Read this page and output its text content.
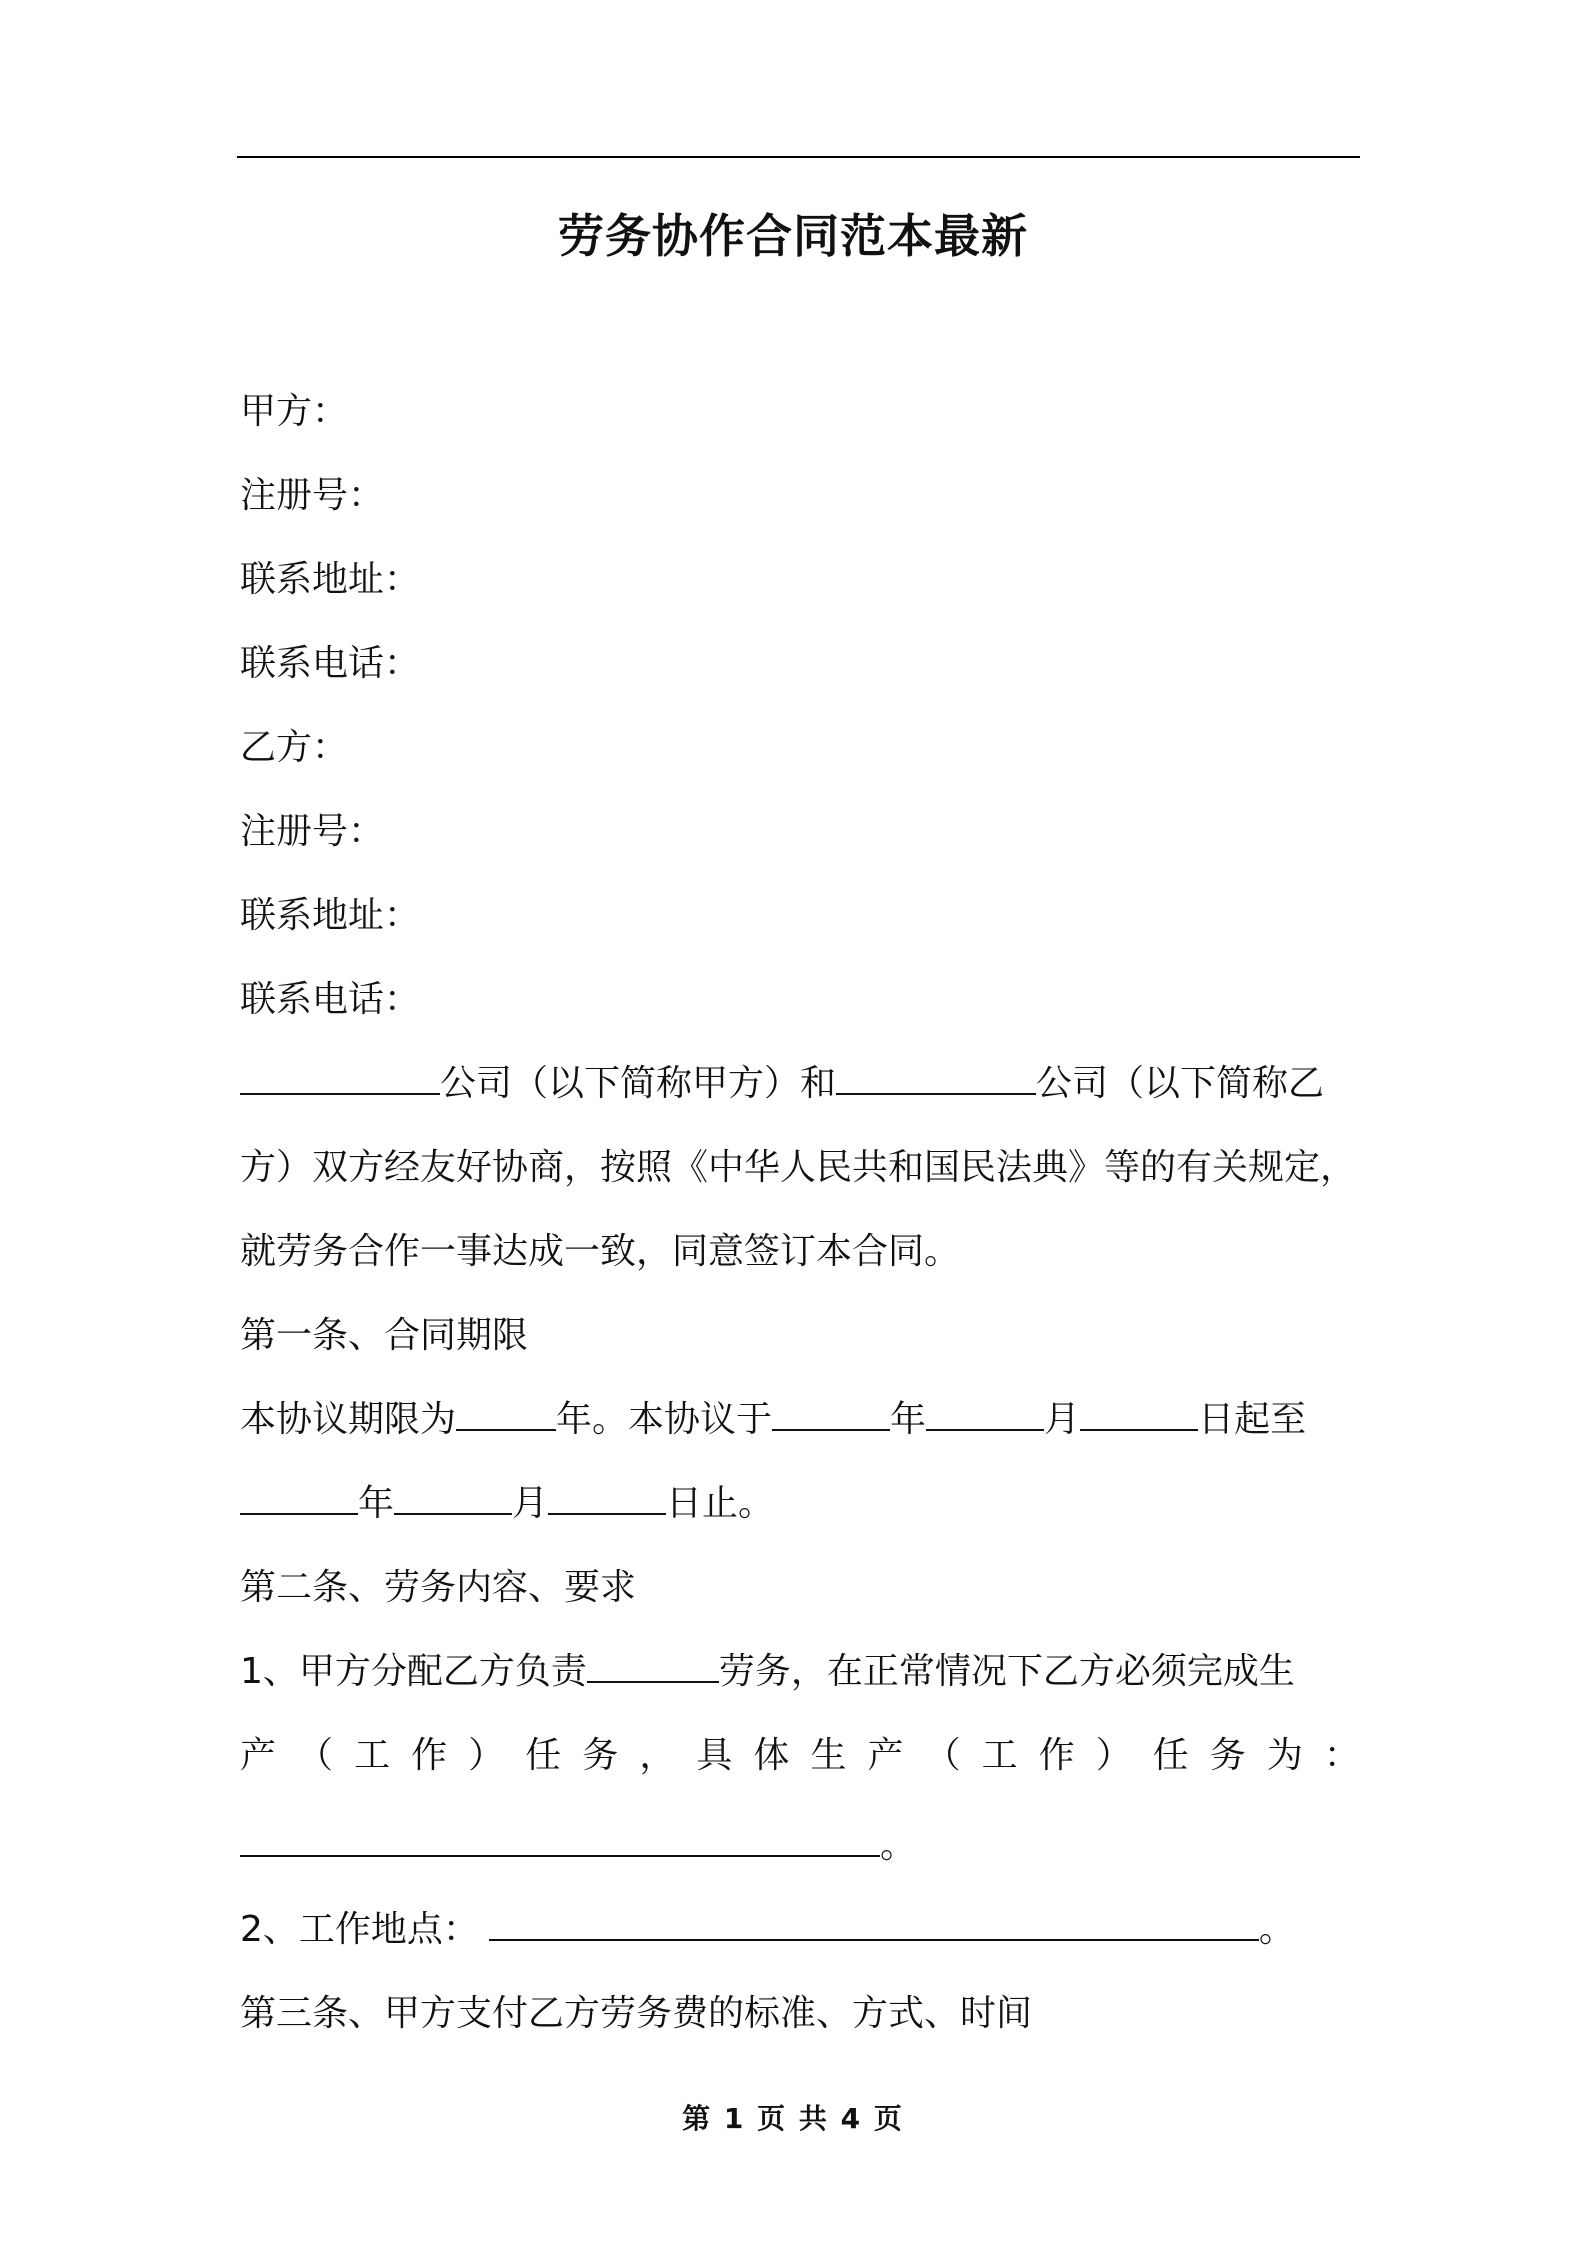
劳务协作合同范本最新
甲方：
注册号：
联系地址：
联系电话：
乙方：
注册号：
联系地址：
联系电话：
公司（以下简称甲方）和	公司（以下简称乙
方）双方经友好协商，按照《中华人民共和国民法典》等的有关规定，
就劳务合作一事达成一致，同意签订本合同。
第一条、合同期限
本协议期限为	年。本协议于	年	月	日起至
年	月	日止。
第二条、劳务内容、要求
1、甲方分配乙方负责	劳务，在正常情况下乙方必须完成生
产 （ 工 作 ） 任 务 ， 具 体 生 产 （ 工 作 ） 任 务 为 ：
。
2、工作地点：	。
第三条、甲方支付乙方劳务费的标准、方式、时间
第 1 页 共 4 页
